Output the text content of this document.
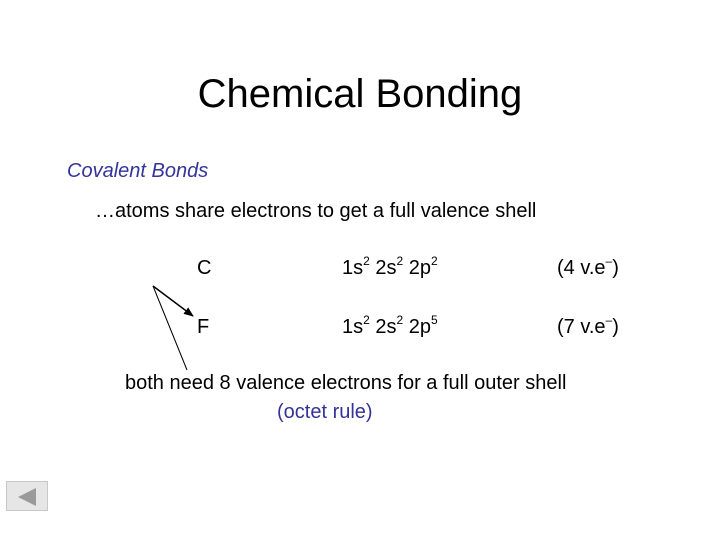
Chemical Bonding
Covalent Bonds
…atoms share electrons to get a full valence shell
C	$1s^2$ $2s^2$ $2p^2$	(4 v.e–)
F	$1s^2$ $2s^2$ $2p^5$	(7 v.e–)
both need 8 valence electrons for a full outer shell
(octet rule)
